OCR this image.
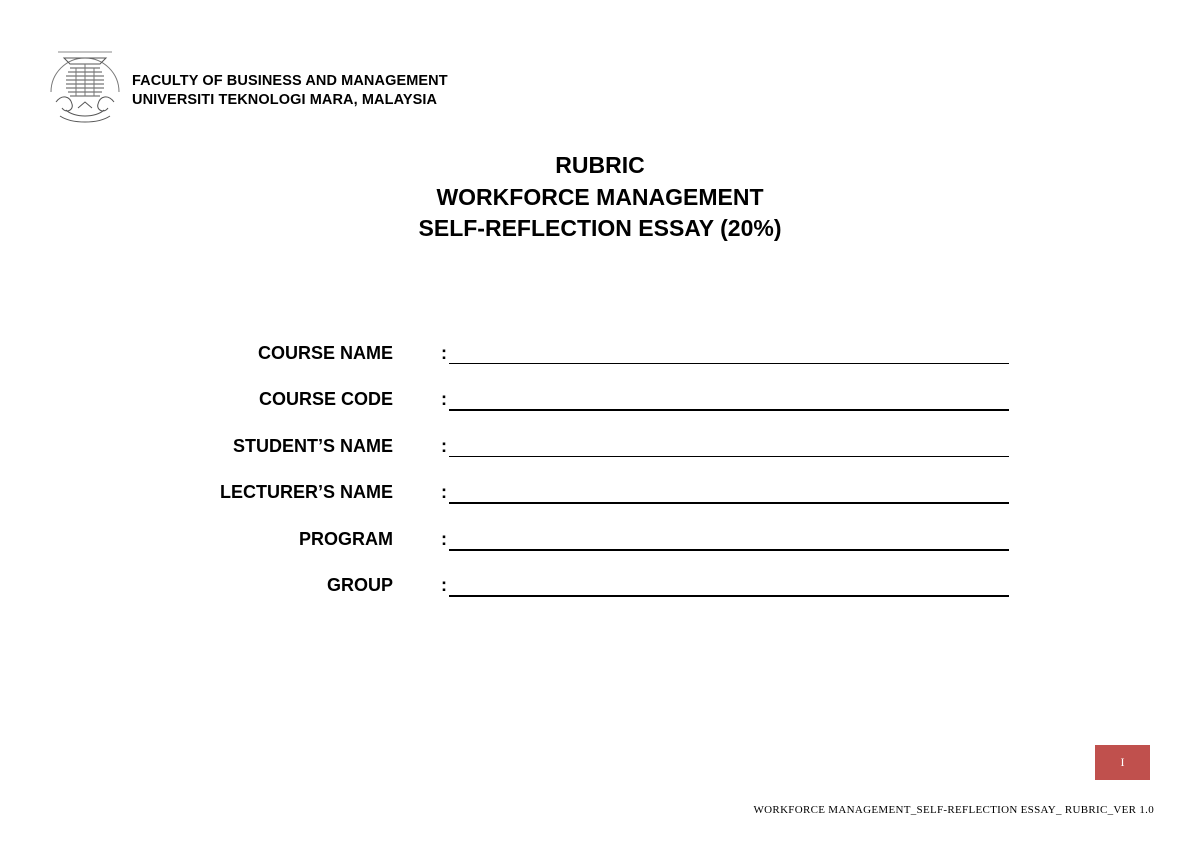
FACULTY OF BUSINESS AND MANAGEMENT
UNIVERSITI TEKNOLOGI MARA, MALAYSIA
RUBRIC
WORKFORCE MANAGEMENT
SELF-REFLECTION ESSAY (20%)
COURSE NAME	:
COURSE CODE	:
STUDENT’S NAME	:
LECTURER’S NAME	:
PROGRAM	:
GROUP	:
I
WORKFORCE MANAGEMENT_SELF-REFLECTION ESSAY_ RUBRIC_VER 1.0
